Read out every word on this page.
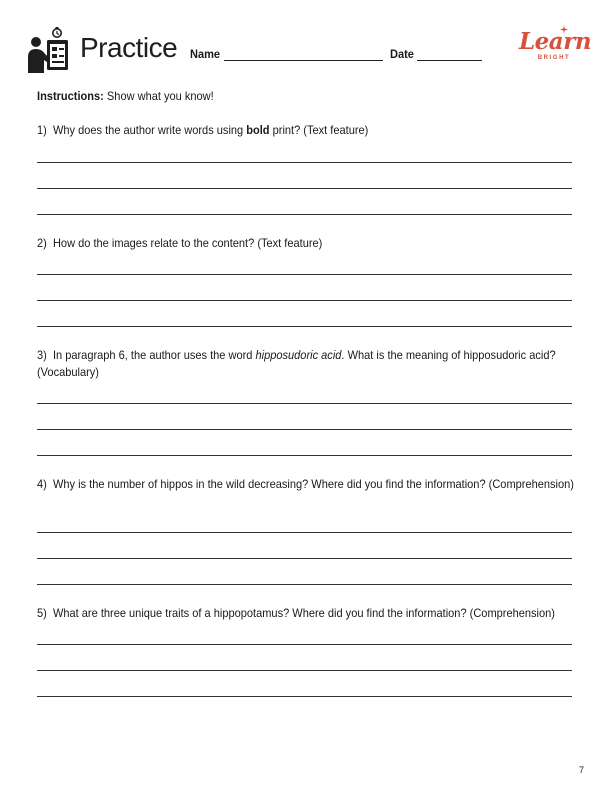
Practice Name	Date	Learn
BRIGHT
Instructions: Show what you know!
1) Why does the author write words using bold print? (Text feature)
2) How do the images relate to the content? (Text feature)
3) In paragraph 6, the author uses the word hipposudoric acid. What is the meaning of hipposudoric acid? (Vocabulary)
4) Why is the number of hippos in the wild decreasing? Where did you find the information? (Comprehension)
5) What are three unique traits of a hippopotamus? Where did you find the information? (Comprehension)
7
